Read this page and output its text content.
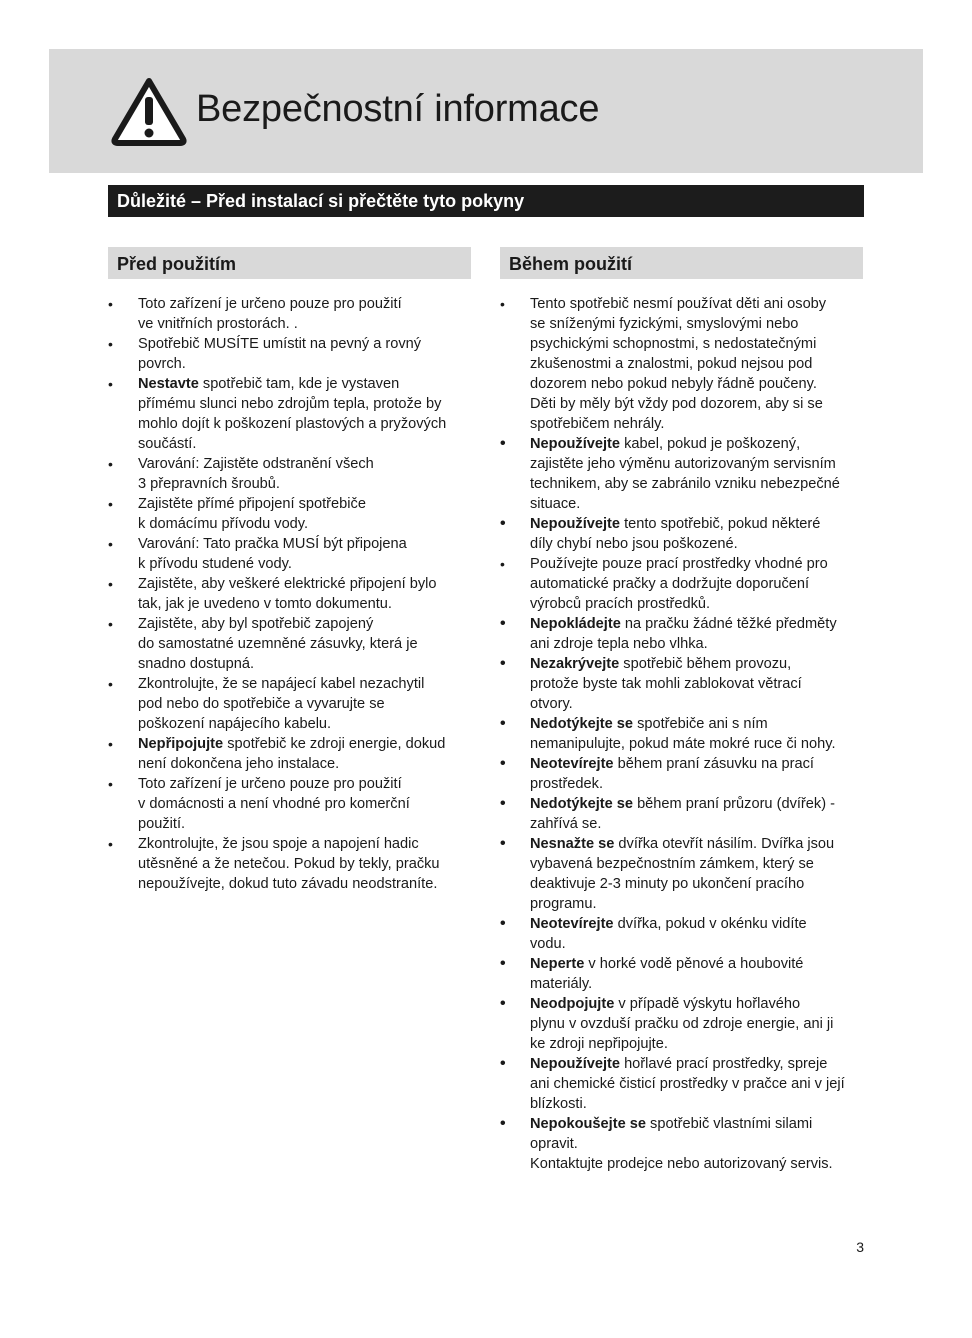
Bezpečnostní informace
Důležité – Před instalací si přečtěte tyto pokyny
Před použitím	Během použití
• Toto zařízení je určeno pouze pro použití
ve vnitřních prostorách. .
• Spotřebič MUSÍTE umístit na pevný a rovný
povrch.
• Nestavte spotřebič tam, kde je vystaven
přímému slunci nebo zdrojům tepla, protože by
mohlo dojít k poškození plastových a pryžových
součástí.
• Varování: Zajistěte odstranění všech
3 přepravních šroubů.
• Zajistěte přímé připojení spotřebiče
k domácímu přívodu vody.
• Varování: Tato pračka MUSÍ být připojena
k přívodu studené vody.
• Zajistěte, aby veškeré elektrické připojení bylo
tak, jak je uvedeno v tomto dokumentu.
• Zajistěte, aby byl spotřebič zapojený
do samostatné uzemněné zásuvky, která je
snadno dostupná.
• Zkontrolujte, že se napájecí kabel nezachytil
pod nebo do spotřebiče a vyvarujte se
poškození napájecího kabelu.
• Nepřipojujte spotřebič ke zdroji energie, dokud
není dokončena jeho instalace.
• Toto zařízení je určeno pouze pro použití
v domácnosti a není vhodné pro komerční
použití.
• Zkontrolujte, že jsou spoje a napojení hadic
utěsněné a že netečou. Pokud by tekly, pračku
nepoužívejte, dokud tuto závadu neodstraníte.
• Tento spotřebič nesmí používat děti ani osoby
se sníženými fyzickými, smyslovými nebo
psychickými schopnostmi, s nedostatečnými
zkušenostmi a znalostmi, pokud nejsou pod
dozorem nebo pokud nebyly řádně poučeny.
Děti by měly být vždy pod dozorem, aby si se
spotřebičem nehrály.
• Nepoužívejte kabel, pokud je poškozený,
zajistěte jeho výměnu autorizovaným servisním
technikem, aby se zabránilo vzniku nebezpečné
situace.
• Nepoužívejte tento spotřebič, pokud některé
díly chybí nebo jsou poškozené.
• Používejte pouze prací prostředky vhodné pro
automatické pračky a dodržujte doporučení
výrobců pracích prostředků.
• Nepokládejte na pračku žádné těžké předměty
ani zdroje tepla nebo vlhka.
• Nezakrývejte spotřebič během provozu,
protože byste tak mohli zablokovat větrací
otvory.
• Nedotýkejte se spotřebiče ani s ním
nemanipulujte, pokud máte mokré ruce či nohy.
• Neotevírejte během praní zásuvku na prací
prostředek.
• Nedotýkejte se během praní průzoru (dvířek) -
zahřívá se.
• Nesnažte se dvířka otevřít násilím. Dvířka jsou
vybavená bezpečnostním zámkem, který se
deaktivuje 2-3 minuty po ukončení pracího
programu.
• Neotevírejte dvířka, pokud v okénku vidíte
vodu.
• Neperte v horké vodě pěnové a houbovité
materiály.
• Neodpojujte v případě výskytu hořlavého
plynu v ovzduší pračku od zdroje energie, ani ji
ke zdroji nepřipojujte.
• Nepoužívejte hořlavé prací prostředky, spreje
ani chemické čisticí prostředky v pračce ani v její
blízkosti.
• Nepokoušejte se spotřebič vlastními silami
opravit.
Kontaktujte prodejce nebo autorizovaný servis.
3
